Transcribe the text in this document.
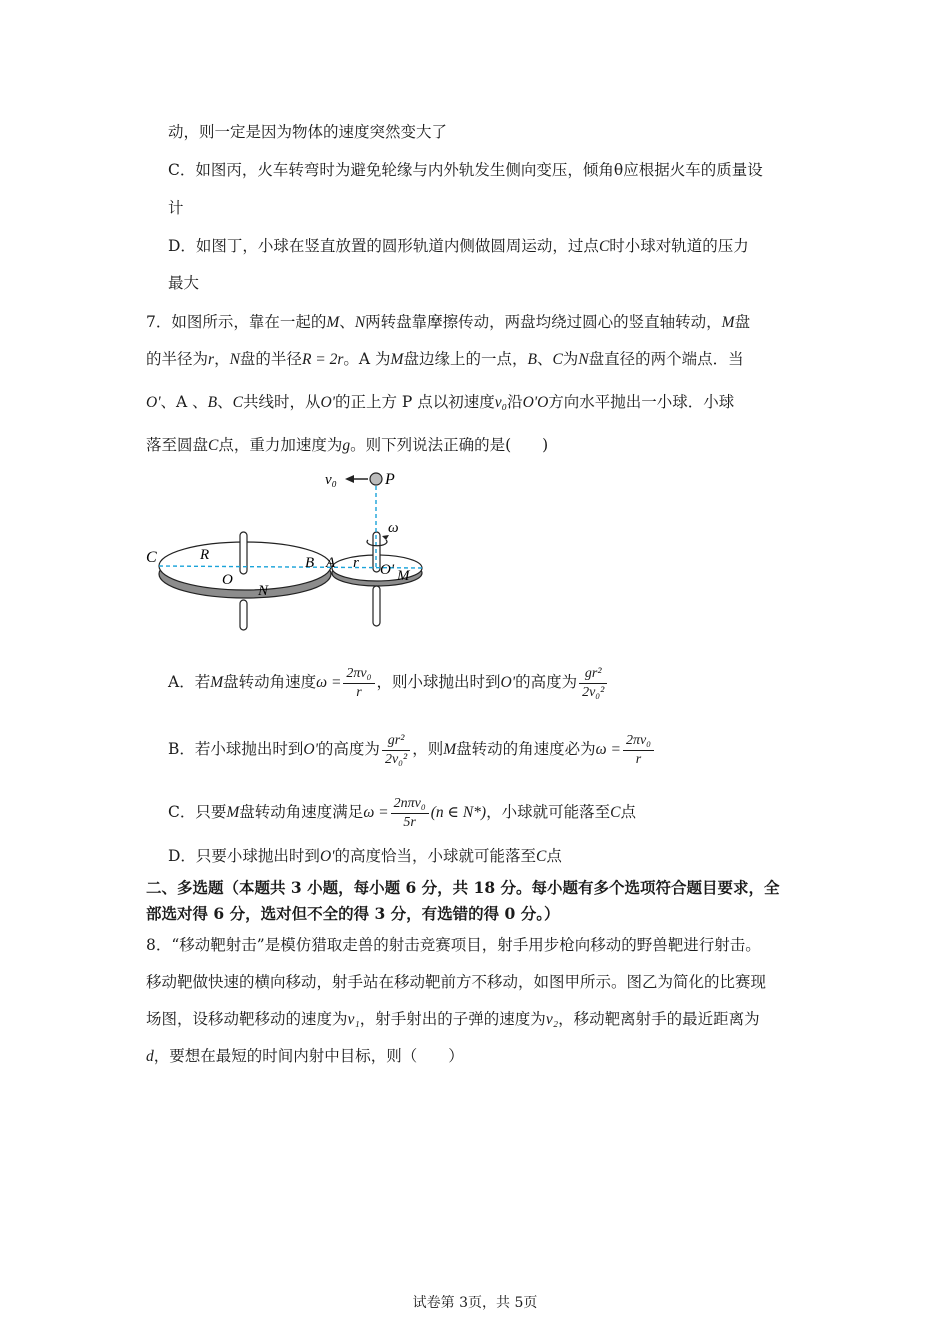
动，则一定是因为物体的速度突然变大了
C．如图丙，火车转弯时为避免轮缘与内外轨发生侧向变压，倾角θ应根据火车的质量设
计
D．如图丁，小球在竖直放置的圆形轨道内侧做圆周运动，过点C时小球对轨道的压力
最大
7．如图所示，靠在一起的M、N两转盘靠摩擦传动，两盘均绕过圆心的竖直轴转动，M盘
的半径为r，N盘的半径R = 2r。A 为M盘边缘上的一点，B、C为N盘直径的两个端点．当
O'、A 、B、C共线时，从O'的正上方 P 点以初速度v₀沿O'O方向水平抛出一小球．小球
落至圆盘C点，重力加速度为g。则下列说法正确的是(　　)
v₀	P
ω
C	R
O
B A r O' M
N
A．若M盘转动角速度$\omega = \frac{\text{2πv₀}}{r}$ ，则小球抛出时到O'的高度为 $\frac{\text{gr²}}{\text{2v₀²}}$
B．若小球抛出时到O'的高度为 $\frac{\text{gr²}}{\text{2v₀²}}$ ，则M盘转动的角速度必为$\omega = \frac{\text{2πv₀}}{r}$
C．只要M盘转动角速度满足$\omega = \frac{\text{2nπv₀}}{5r} (n$ ∈ N*)，小球就可能落至C点
D．只要小球抛出时到O'的高度恰当，小球就可能落至C点
二、多选题（本题共 3 小题，每小题 6 分，共 18 分。每小题有多个选项符合题目要求，全
部选对得 6 分，选对但不全的得 3 分，有选错的得 0 分。）
8．“移动靶射击”是模仿猎取走兽的射击竞赛项目，射手用步枪向移动的野兽靶进行射击。
移动靶做快速的横向移动，射手站在移动靶前方不移动，如图甲所示。图乙为简化的比赛现
场图，设移动靶移动的速度为v₁，射手射出的子弹的速度为v₂，移动靶离射手的最近距离为
d，要想在最短的时间内射中目标，则（　　）
试卷第 3页，共 5页
